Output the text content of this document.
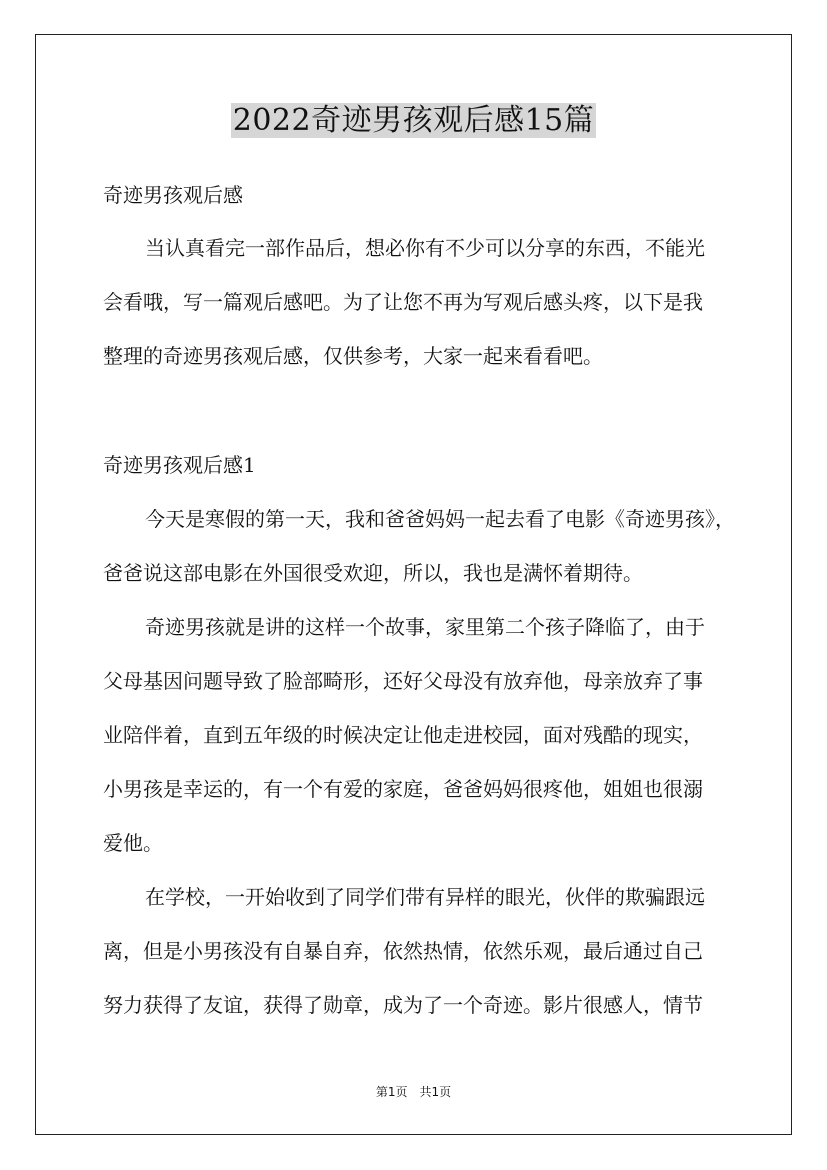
2022奇迹男孩观后感15篇
奇迹男孩观后感
当认真看完一部作品后，想必你有不少可以分享的东西，不能光
会看哦，写一篇观后感吧。为了让您不再为写观后感头疼，以下是我
整理的奇迹男孩观后感，仅供参考，大家一起来看看吧。
奇迹男孩观后感1
今天是寒假的第一天，我和爸爸妈妈一起去看了电影《奇迹男孩》，
爸爸说这部电影在外国很受欢迎，所以，我也是满怀着期待。
奇迹男孩就是讲的这样一个故事，家里第二个孩子降临了，由于
父母基因问题导致了脸部畸形，还好父母没有放弃他，母亲放弃了事
业陪伴着，直到五年级的时候决定让他走进校园，面对残酷的现实，
小男孩是幸运的，有一个有爱的家庭，爸爸妈妈很疼他，姐姐也很溺
爱他。
在学校，一开始收到了同学们带有异样的眼光，伙伴的欺骗跟远
离，但是小男孩没有自暴自弃，依然热情，依然乐观，最后通过自己
努力获得了友谊，获得了勋章，成为了一个奇迹。影片很感人，情节
第1页 共1页
